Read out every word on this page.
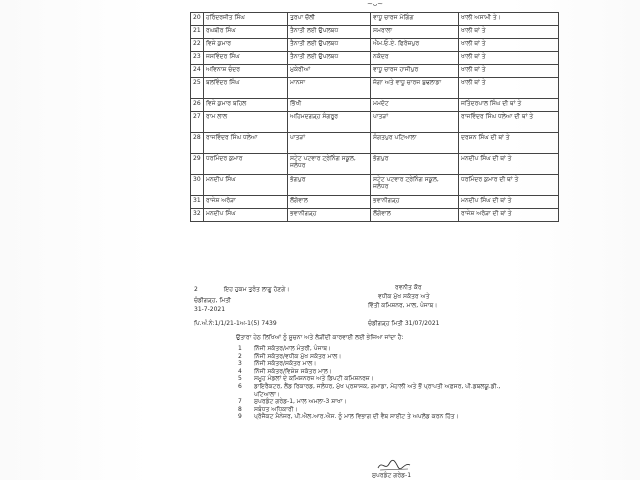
~ᴗ~
20	ਹਰਿੰਦਰਜੀਤ ਸਿੰਘ	ਤੁਰਪਾ ਚੌਲੀ	ਵਾਧੂ ਚਾਰਜ ਮੋਗਿੰਗ	ਖਾਲੀ ਅਸਾਮੀ ਤੇ।
21	ਰਘਬੀਰ ਸਿੰਘ	ਤੈਨਾਤੀ ਲਈ ਉਪਲਬਧ	ਸਮਰਾਲਾ	ਖਾਲੀ ਥਾਂ ਤੇ
22	ਵਿਜੇ ਕੁਮਾਰ	ਤੈਨਾਤੀ ਲਈ ਉਪਲਬਧ	ਐਮ.ਓ.ਏ. ਫਿਰੋਜ਼ਪੁਰ	ਖਾਲੀ ਥਾਂ ਤੇ
23	ਜਸਵਿੰਦਰ ਸਿੰਘ	ਤੈਨਾਤੀ ਲਈ ਉਪਲਬਧ	ਨਕੋਦਰ	ਖਾਲੀ ਥਾਂ ਤੇ
24	ਅਵਿਨਾਸ਼ ਚੰਦਰ	ਮੁਕੇਰੀਆਂ	ਵਾਧੂ ਚਾਰਜ ਹਾਜੀਪੁਰ	ਖਾਲੀ ਥਾਂ ਤੇ
25	ਬਲਵਿੰਦਰ ਸਿੰਘ	ਮਾਨਸਾ	ਜੋਗਾ ਅਤੇ ਵਾਧੂ ਚਾਰਜ ਬੁਢਲਾਡਾ	ਖਾਲੀ ਥਾਂ ਤੇ
26	ਵਿਜੇ ਕੁਮਾਰ ਬਹਿਲ	ਭਿੱਖੀ	ਮਮਦੋਟ	ਜਤਿੰਦਰਪਾਲ ਸਿੰਘ ਦੀ ਥਾਂ ਤੇ
27	ਰਾਮ ਲਾਲ	ਅਹਿਮਦਗੜ੍ਹ ਸੰਗਰੂਰ	ਪਾਤੜਾਂ	ਰਾਜਵਿੰਦਰ ਸਿੰਘ ਧਲੇਆ ਦੀ ਥਾਂ ਤੇ
28	ਰਾਜਵਿੰਦਰ ਸਿੰਘ ਧਲੇਆ	ਪਾਤੜਾਂ	ਸੰਗਤਪੁਰ ਪਟਿਆਲਾ	ਦਰਸ਼ਨ ਸਿੰਘ ਦੀ ਥਾਂ ਤੇ
29	ਧਰਮਿੰਦਰ ਕੁਮਾਰ	ਸਟੇਟ ਪਟਵਾਰ ਟ੍ਰੇਨਿੰਗ ਸਕੂਲ, ਜਲੰਧਰ	ਭੋਗਪੁਰ	ਮਨਦੀਪ ਸਿੰਘ ਦੀ ਥਾਂ ਤੇ
30	ਮਨਦੀਪ ਸਿੰਘ	ਭੋਗਪੁਰ	ਸਟੇਟ ਪਟਵਾਰ ਟ੍ਰੇਨਿੰਗ ਸਕੂਲ, ਜਲੰਧਰ	ਧਰਮਿੰਦਰ ਕੁਮਾਰ ਦੀ ਥਾਂ ਤੇ
31	ਰਾਜੇਸ਼ ਅਰੋੜਾ	ਲੌਂਗੋਵਾਲ	ਭਵਾਨੀਗੜ੍ਹ	ਮਨਦੀਪ ਸਿੰਘ ਦੀ ਥਾਂ ਤੇ
32	ਮਨਦੀਪ ਸਿੰਘ	ਭਵਾਨੀਗੜ੍ਹ	ਲੌਂਗੋਵਾਲ	ਰਾਜੇਸ਼ ਅਰੋੜਾ ਦੀ ਥਾਂ ਤੇ
2	ਇਹ ਹੁਕਮ ਤੁਰੰਤ ਲਾਗੂ ਹੋਣਗੇ।
ਚੰਡੀਗੜ੍ਹ, ਮਿਤੀ
31-7-2021
ਰਵਨੀਤ ਕੌਰ
ਵਧੀਕ ਮੁੱਖ ਸਕੱਤਰ ਅਤੇ
ਵਿੱਤੀ ਕਮਿਸ਼ਨਰ, ਮਾਲ, ਪੰਜਾਬ।
ਪਿ.ਅੰ.ਨੰ:1/1/21-1ਅ-1(5) 7439	ਚੰਡੀਗੜ੍ਹ ਮਿਤੀ 31/07/2021
ਉਤਾਰਾ ਹੇਠ ਲਿਖਿਆਂ ਨੂੰ ਸੂਚਨਾ ਅਤੇ ਲੋੜੀਂਦੀ ਕਾਰਵਾਈ ਲਈ ਭੇਜਿਆ ਜਾਂਦਾ ਹੈ:
1	ਨਿੱਜੀ ਸਕੱਤਰ/ਮਾਲ ਮੰਤਰੀ, ਪੰਜਾਬ।
2	ਨਿੱਜੀ ਸਕੱਤਰ/ਵਧੀਕ ਮੁੱਖ ਸਕੱਤਰ ਮਾਲ।
3	ਨਿੱਜੀ ਸਕੱਤਰ/ਸਕੱਤਰ ਮਾਲ।
4	ਨਿੱਜੀ ਸਕੱਤਰ/ਵਿਸ਼ੇਸ਼ ਸਕੱਤਰ ਮਾਲ।
5	ਸਮੂਹ ਮੰਡਲਾਂ ਦੇ ਕਮਿਸ਼ਨਰਜ਼ ਅਤੇ ਡਿਪਟੀ ਕਮਿਸ਼ਨਰਜ਼।
6	ਡਾਇਰੈਕਟਰ, ਲੈਂਡ ਰਿਕਾਰਡ, ਜਲੰਧਰ, ਮੁੱਖ ਪ੍ਰਸ਼ਾਸਕ, ਗਮਾਡਾ, ਮੋਹਾਲੀ ਅਤੇ ਭੌਂ ਪ੍ਰਾਪਤੀ ਅਫ਼ਸਰ, ਪੀ.ਡਬਲਯੂ.ਡੀ., ਪਟਿਆਲਾ।
7	ਸੁਪਰਡੰਟ ਗਰੇਡ-1, ਮਾਲ ਅਮਲਾ-3 ਸ਼ਾਖਾ।
8	ਸਬੰਧਤ ਅਧਿਕਾਰੀ।
9	ਪ੍ਰੋਜੈਕਟ ਮੈਨੇਜਰ, ਪੀ.ਐਲ.ਆਰ.ਐਸ. ਨੂੰ ਮਾਲ ਵਿਭਾਗ ਦੀ ਵੈਬ ਸਾਈਟ ਤੇ ਅਪਲੋਡ ਕਰਨ ਹਿੱਤ।
ਸੁਪਰਡੰਟ ਗਰੇਡ-1
